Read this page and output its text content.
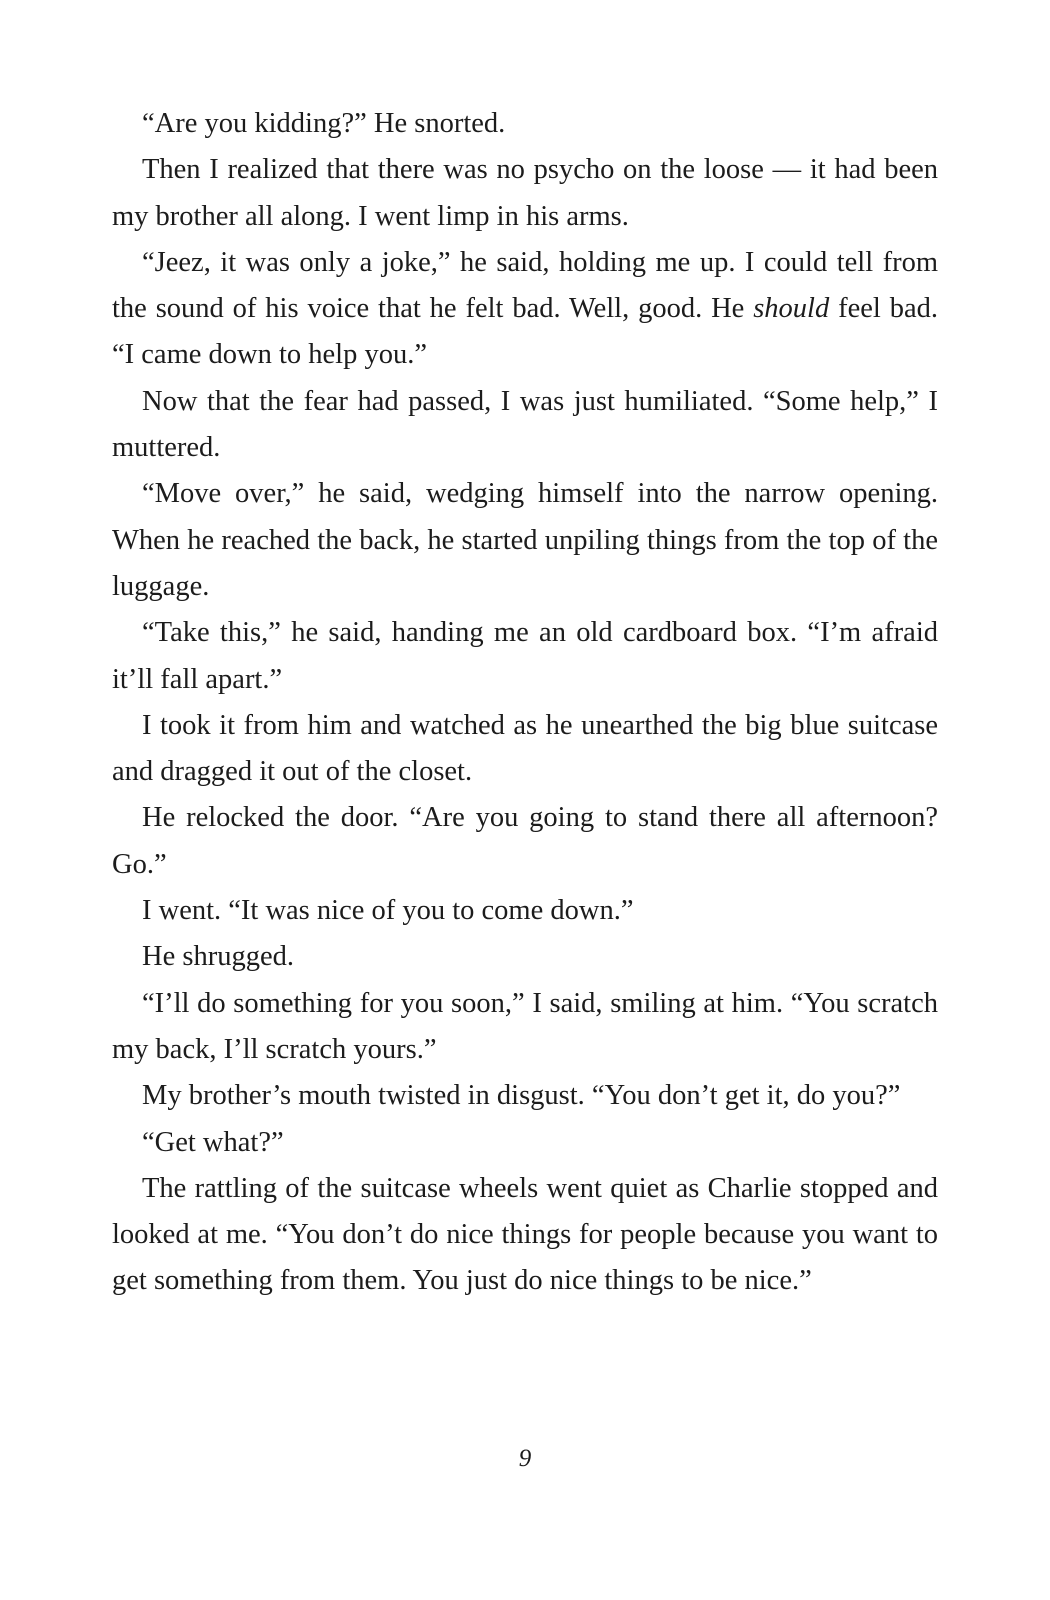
“Are you kidding?” He snorted.

Then I realized that there was no psycho on the loose — it had been my brother all along. I went limp in his arms.

“Jeez, it was only a joke,” he said, holding me up. I could tell from the sound of his voice that he felt bad. Well, good. He should feel bad. “I came down to help you.”

Now that the fear had passed, I was just humiliated. “Some help,” I muttered.

“Move over,” he said, wedging himself into the narrow opening. When he reached the back, he started unpiling things from the top of the luggage.

“Take this,” he said, handing me an old cardboard box. “I’m afraid it’ll fall apart.”

I took it from him and watched as he unearthed the big blue suitcase and dragged it out of the closet.

He relocked the door. “Are you going to stand there all afternoon? Go.”

I went. “It was nice of you to come down.”

He shrugged.

“I’ll do something for you soon,” I said, smiling at him. “You scratch my back, I’ll scratch yours.”

My brother’s mouth twisted in disgust. “You don’t get it, do you?”

“Get what?”

The rattling of the suitcase wheels went quiet as Charlie stopped and looked at me. “You don’t do nice things for people because you want to get something from them. You just do nice things to be nice.”

9
